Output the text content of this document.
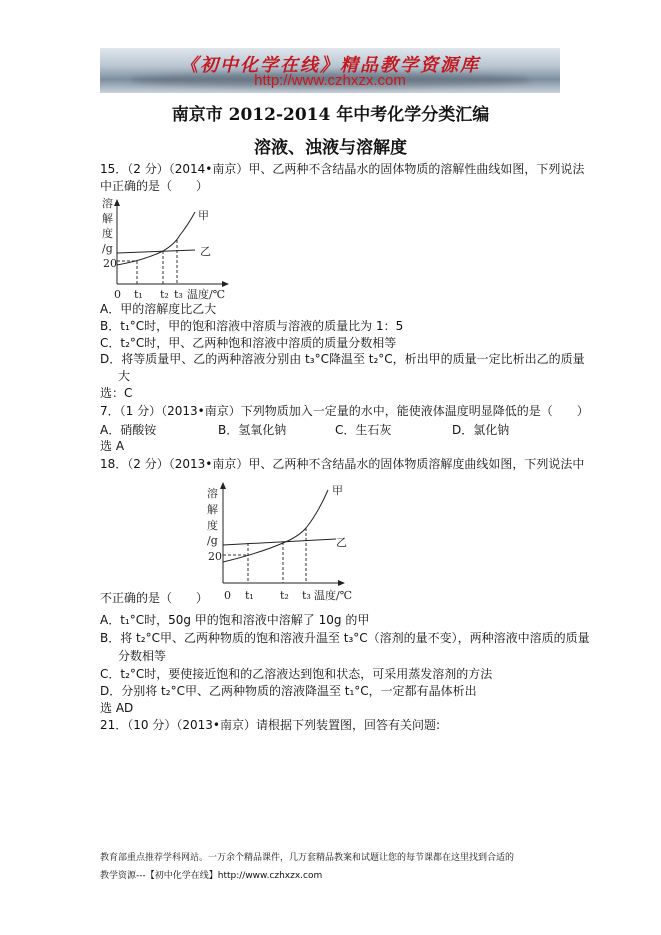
《初中化学在线》精品教学资源库
http://www.czhxzx.com
南京市 2012-2014 年中考化学分类汇编
溶液、浊液与溶解度
15．（2 分）（2014•南京）甲、乙两种不含结晶水的固体物质的溶解性曲线如图，下列说法
中正确的是（　　）
溶
解
度
/g
20
0 t₁ t₂ t₃ 温度/℃
甲
乙
A．甲的溶解度比乙大
B．t₁°C时，甲的饱和溶液中溶质与溶液的质量比为 1：5
C．t₂°C时，甲、乙两种饱和溶液中溶质的质量分数相等
D．将等质量甲、乙的两种溶液分别由 t₃°C降温至 t₂°C，析出甲的质量一定比析出乙的质量
大
选：C
7．（1 分）（2013•南京）下列物质加入一定量的水中，能使液体温度明显降低的是（　　）
A．硝酸铵	B．氢氧化钠	C．生石灰	D．氯化钠
选 A
18．（2 分）（2013•南京）甲、乙两种不含结晶水的固体物质溶解度曲线如图，下列说法中
溶
解
度
/g
20
0 t₁ t₂ t₃ 温度/℃
甲
乙
不正确的是（　　）
A．t₁°C时，50g 甲的饱和溶液中溶解了 10g 的甲
B．将 t₂°C甲、乙两种物质的饱和溶液升温至 t₃°C（溶剂的量不变），两种溶液中溶质的质量
分数相等
C．t₂°C时，要使接近饱和的乙溶液达到饱和状态，可采用蒸发溶剂的方法
D．分别将 t₂°C甲、乙两种物质的溶液降温至 t₁°C，一定都有晶体析出
选 AD
21．（10 分）（2013•南京）请根据下列装置图，回答有关问题:
教育部重点推荐学科网站。一万余个精品课件，几万套精品教案和试题让您的每节课都在这里找到合适的
教学资源---【初中化学在线】http://www.czhxzx.com
